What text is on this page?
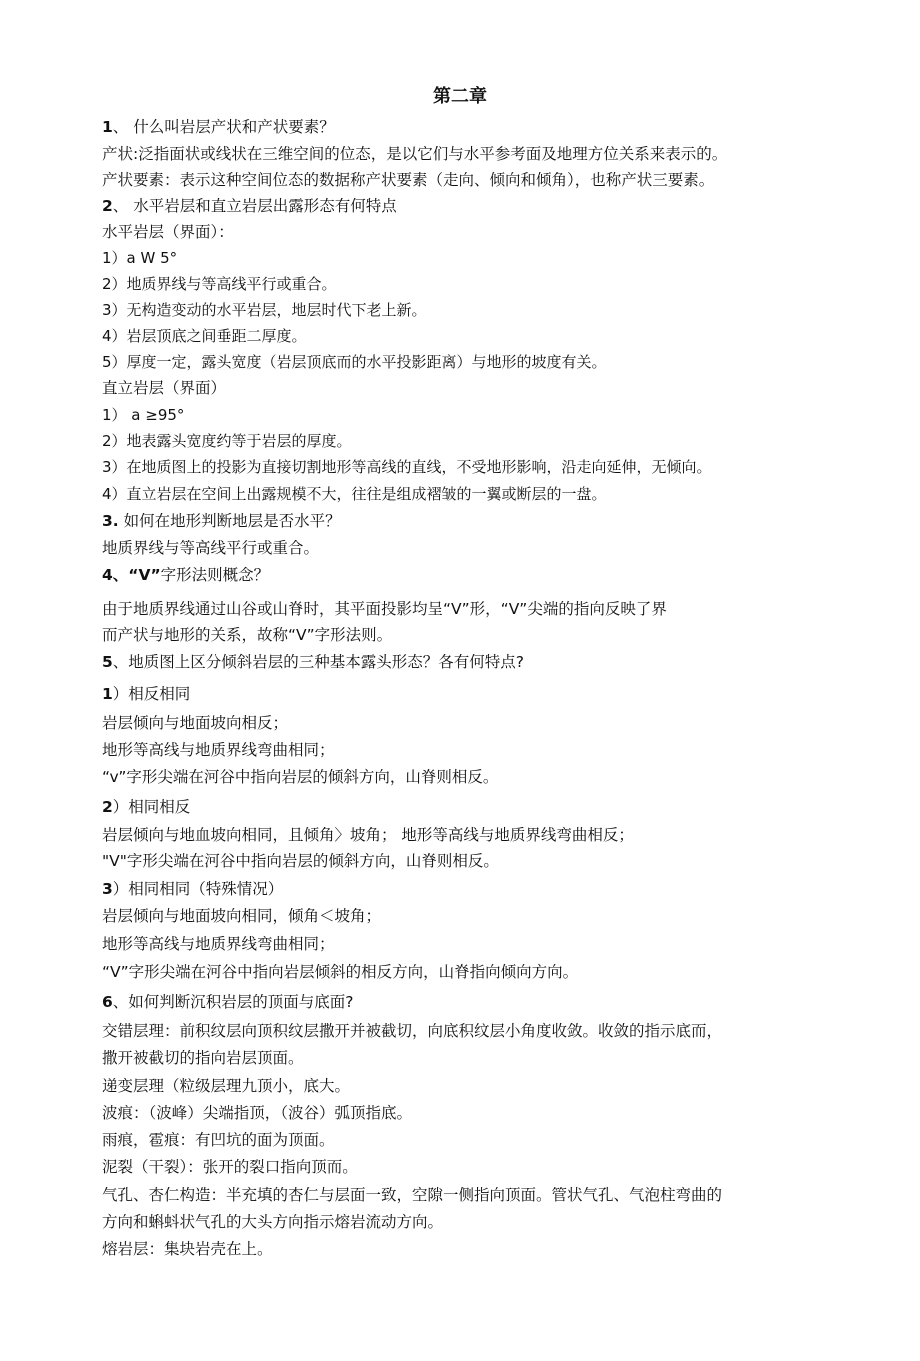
第二章
1、 什么叫岩层产状和产状要素？
产状:泛指面状或线状在三维空间的位态，是以它们与水平参考面及地理方位关系来表示的。
产状要素：表示这种空间位态的数据称产状要素（走向、倾向和倾角），也称产状三要素。
2、 水平岩层和直立岩层出露形态有何特点
水平岩层（界面）：
1）a W 5°
2）地质界线与等高线平行或重合。
3）无构造变动的水平岩层，地层时代下老上新。
4）岩层顶底之间垂距二厚度。
5）厚度一定，露头宽度（岩层顶底而的水平投影距离）与地形的坡度有关。
直立岩层（界面）
1） a ≥95°
2）地表露头宽度约等于岩层的厚度。
3）在地质图上的投影为直接切割地形等高线的直线，不受地形影响，沿走向延伸，无倾向。
4）直立岩层在空间上出露规模不大，往往是组成褶皱的一翼或断层的一盘。
3. 如何在地形判断地层是否水平？
地质界线与等高线平行或重合。
4、“V”字形法则概念？
由于地质界线通过山谷或山脊时，其平面投影均呈“V”形，“V”尖端的指向反映了界
而产状与地形的关系，故称“V”字形法则。
5、地质图上区分倾斜岩层的三种基本露头形态？各有何特点?
1）相反相同
岩层倾向与地面坡向相反；
地形等高线与地质界线弯曲相同；
“v”字形尖端在河谷中指向岩层的倾斜方向，山脊则相反。
2）相同相反
岩层倾向与地血坡向相同，且倾角〉坡角； 地形等高线与地质界线弯曲相反；
"V"字形尖端在河谷中指向岩层的倾斜方向，山脊则相反。
3）相同相同（特殊情况）
岩层倾向与地面坡向相同，倾角＜坡角；
地形等高线与地质界线弯曲相同；
“V”字形尖端在河谷中指向岩层倾斜的相反方向，山脊指向倾向方向。
6、如何判断沉积岩层的顶面与底面?
交错层理：前积纹层向顶积纹层撒开并被截切，向底积纹层小角度收敛。收敛的指示底而，
撒开被截切的指向岩层顶面。
递变层理（粒级层理九顶小，底大。
波痕：（波峰）尖端指顶，（波谷）弧顶指底。
雨痕，雹痕：有凹坑的面为顶面。
泥裂（干裂）：张开的裂口指向顶而。
气孔、杏仁构造：半充填的杏仁与层面一致，空隙一侧指向顶面。管状气孔、气泡柱弯曲的
方向和蝌蚪状气孔的大头方向指示熔岩流动方向。
熔岩层：集块岩壳在上。
